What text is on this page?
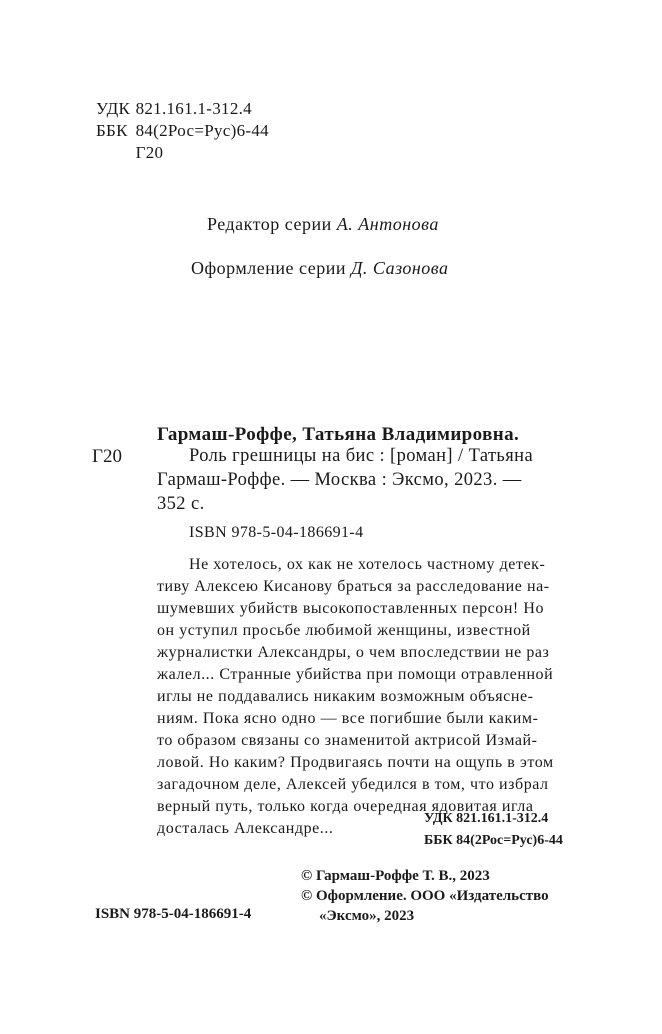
УДК 821.161.1-312.4
ББК 84(2Рос=Рус)6-44
Г20
Редактор серии А. Антонова
Оформление серии Д. Сазонова
Гармаш-Роффе, Татьяна Владимировна.
Г20	Роль грешницы на бис : [роман] / Татьяна
Гармаш-Роффе. — Москва : Эксмо, 2023. —
352 с.
ISBN 978-5-04-186691-4
Не хотелось, ох как не хотелось частному детек-
тиву Алексею Кисанову браться за расследование на-
шумевших убийств высокопоставленных персон! Но
он уступил просьбе любимой женщины, известной
журналистки Александры, о чем впоследствии не раз
жалел... Странные убийства при помощи отравленной
иглы не поддавались никаким возможным объясне-
ниям. Пока ясно одно — все погибшие были каким-
то образом связаны со знаменитой актрисой Измай-
ловой. Но каким? Продвигаясь почти на ощупь в этом
загадочном деле, Алексей убедился в том, что избрал
верный путь, только когда очередная ядовитая игла
досталась Александре...
УДК 821.161.1-312.4
ББК 84(2Рос=Рус)6-44
© Гармаш-Роффе Т. В., 2023
© Оформление. ООО «Издательство
«Эксмо», 2023
ISBN 978-5-04-186691-4
